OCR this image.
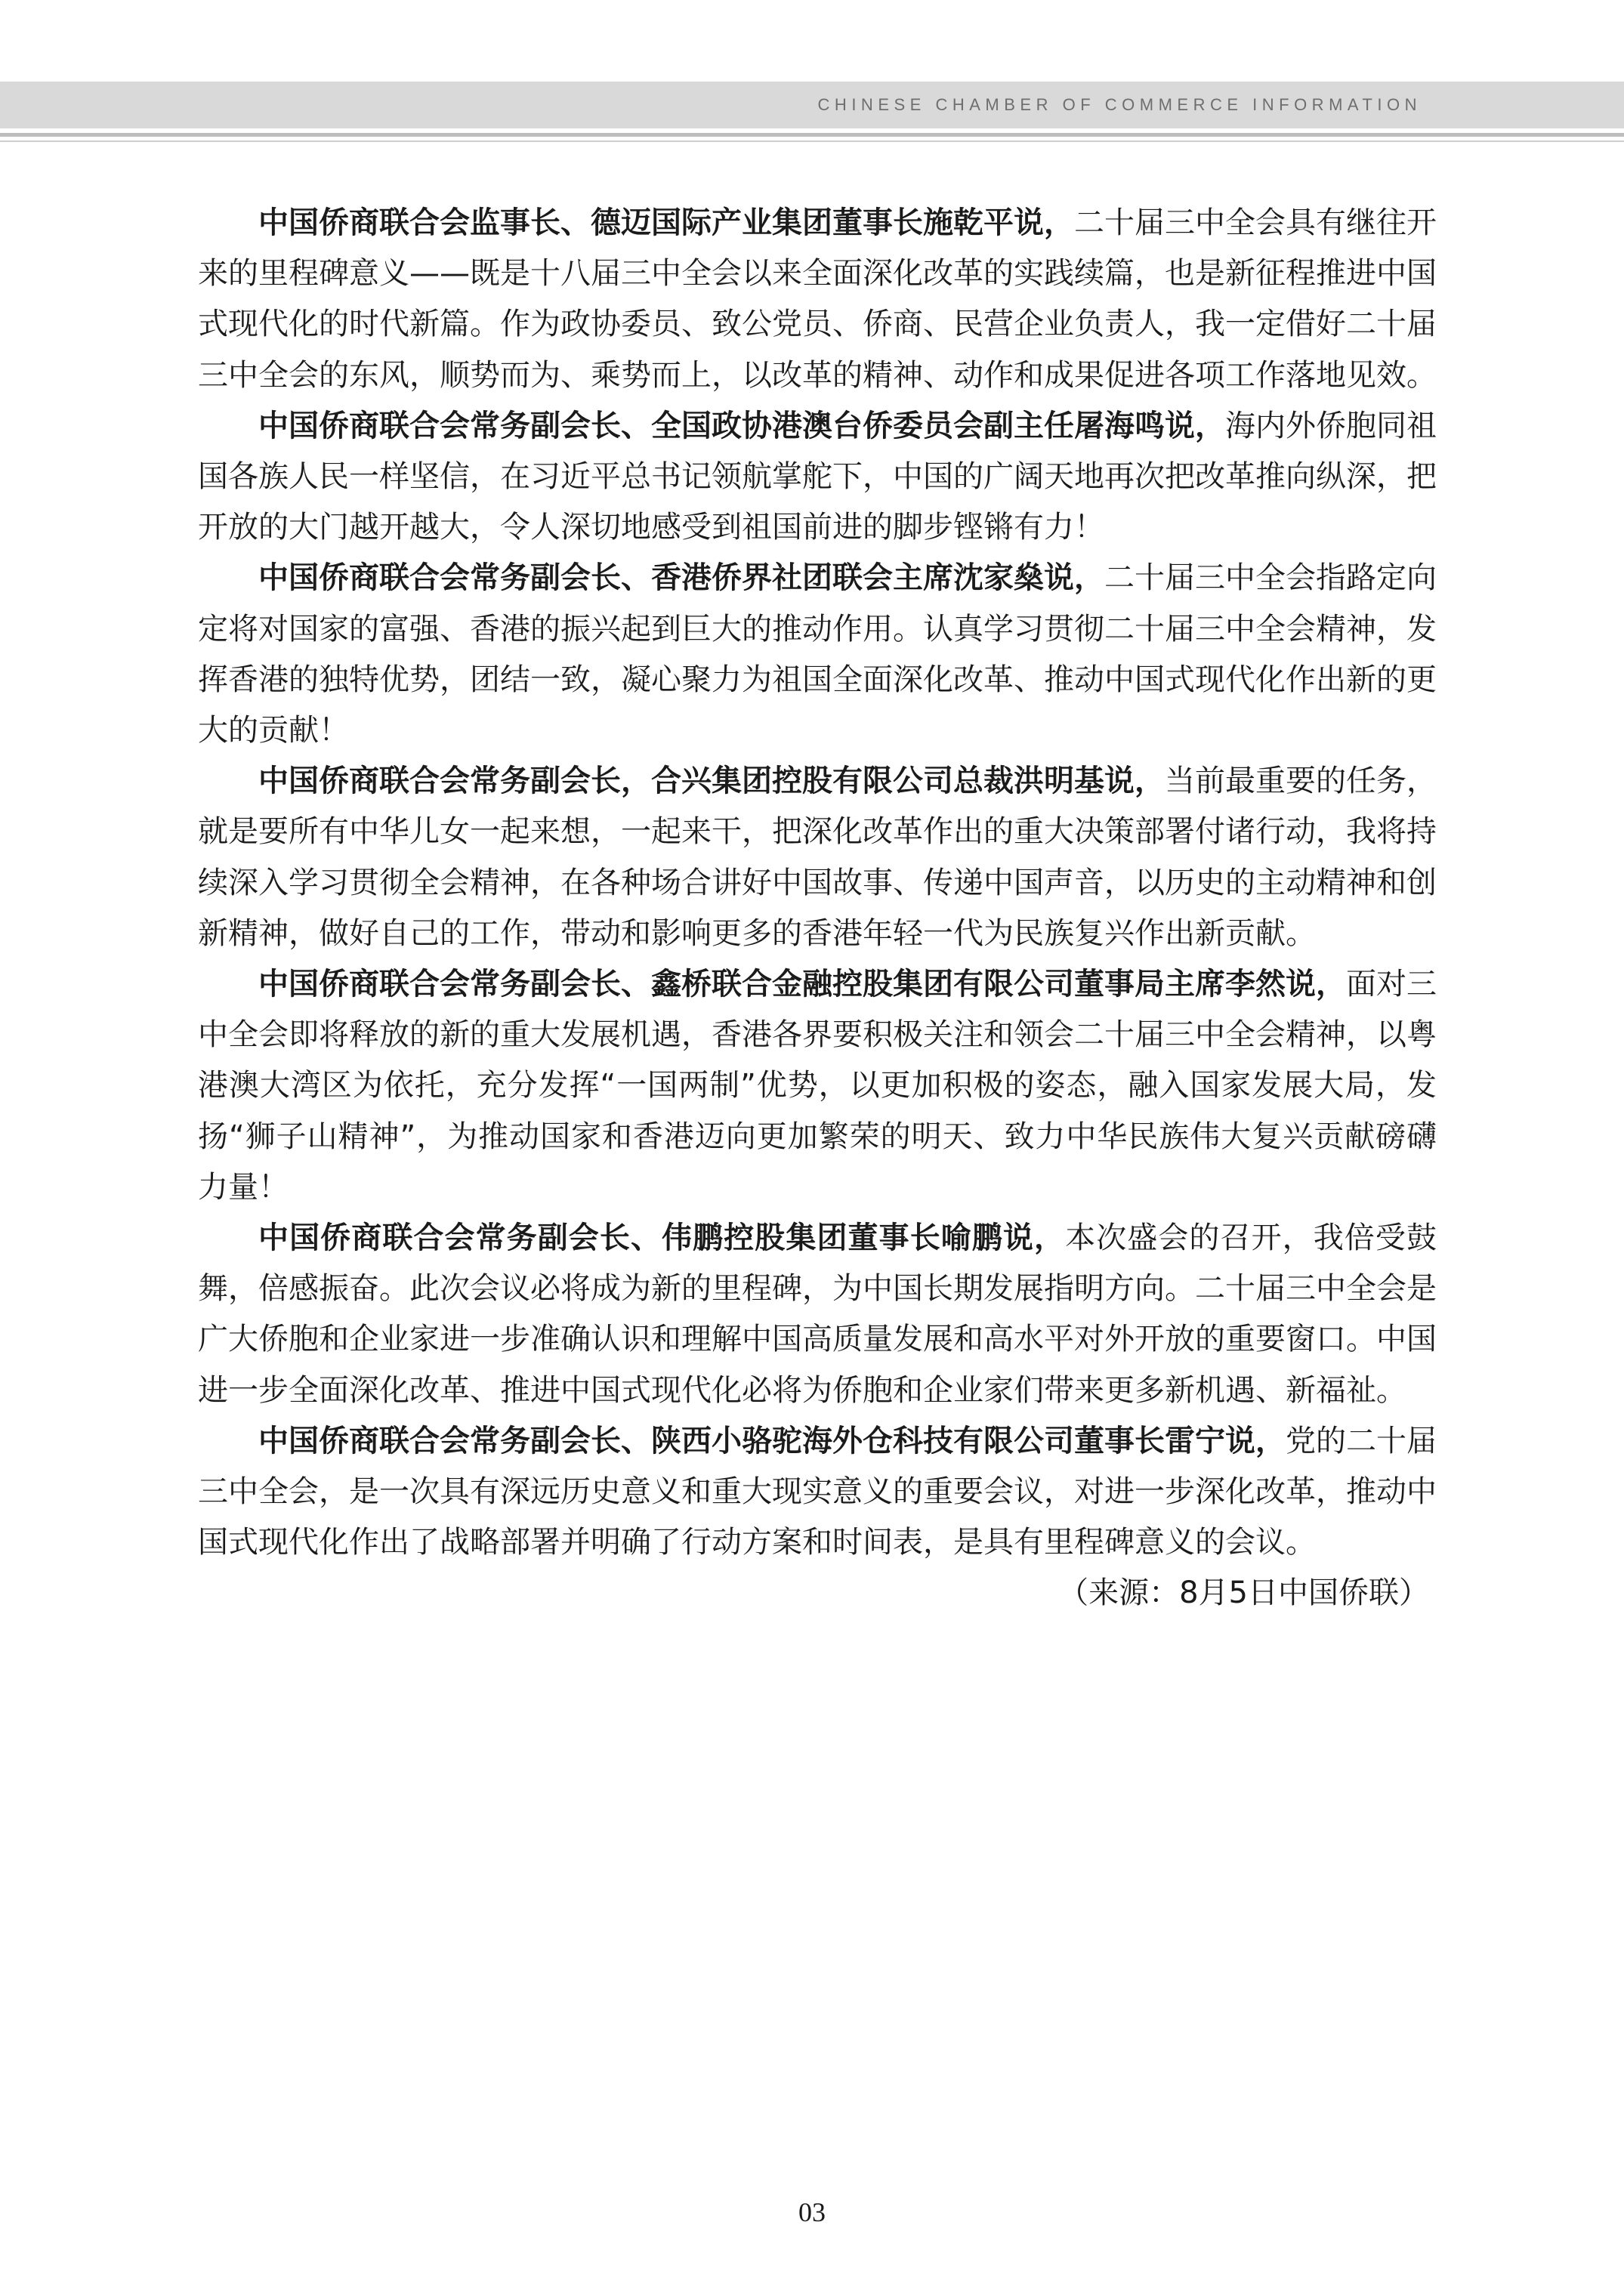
CHINESE CHAMBER OF COMMERCE INFORMATION

中国侨商联合会监事长、德迈国际产业集团董事长施乾平说，二十届三中全会具有继往开来的里程碑意义——既是十八届三中全会以来全面深化改革的实践续篇，也是新征程推进中国式现代化的时代新篇。作为政协委员、致公党员、侨商、民营企业负责人，我一定借好二十届三中全会的东风，顺势而为、乘势而上，以改革的精神、动作和成果促进各项工作落地见效。

中国侨商联合会常务副会长、全国政协港澳台侨委员会副主任屠海鸣说，海内外侨胞同祖国各族人民一样坚信，在习近平总书记领航掌舵下，中国的广阔天地再次把改革推向纵深，把开放的大门越开越大，令人深切地感受到祖国前进的脚步铿锵有力！

中国侨商联合会常务副会长、香港侨界社团联会主席沈家燊说，二十届三中全会指路定向定将对国家的富强、香港的振兴起到巨大的推动作用。认真学习贯彻二十届三中全会精神，发挥香港的独特优势，团结一致，凝心聚力为祖国全面深化改革、推动中国式现代化作出新的更大的贡献！

中国侨商联合会常务副会长，合兴集团控股有限公司总裁洪明基说，当前最重要的任务，就是要所有中华儿女一起来想，一起来干，把深化改革作出的重大决策部署付诸行动，我将持续深入学习贯彻全会精神，在各种场合讲好中国故事、传递中国声音，以历史的主动精神和创新精神，做好自己的工作，带动和影响更多的香港年轻一代为民族复兴作出新贡献。

中国侨商联合会常务副会长、鑫桥联合金融控股集团有限公司董事局主席李然说，面对三中全会即将释放的新的重大发展机遇，香港各界要积极关注和领会二十届三中全会精神，以粤港澳大湾区为依托，充分发挥“一国两制”优势，以更加积极的姿态，融入国家发展大局，发扬“狮子山精神”，为推动国家和香港迈向更加繁荣的明天、致力中华民族伟大复兴贡献磅礴力量！

中国侨商联合会常务副会长、伟鹏控股集团董事长喻鹏说，本次盛会的召开，我倍受鼓舞，倍感振奋。此次会议必将成为新的里程碑，为中国长期发展指明方向。二十届三中全会是广大侨胞和企业家进一步准确认识和理解中国高质量发展和高水平对外开放的重要窗口。中国进一步全面深化改革、推进中国式现代化必将为侨胞和企业家们带来更多新机遇、新福祉。

中国侨商联合会常务副会长、陕西小骆驼海外仓科技有限公司董事长雷宁说，党的二十届三中全会，是一次具有深远历史意义和重大现实意义的重要会议，对进一步深化改革，推动中国式现代化作出了战略部署并明确了行动方案和时间表，是具有里程碑意义的会议。

（来源：8月5日中国侨联）

03
